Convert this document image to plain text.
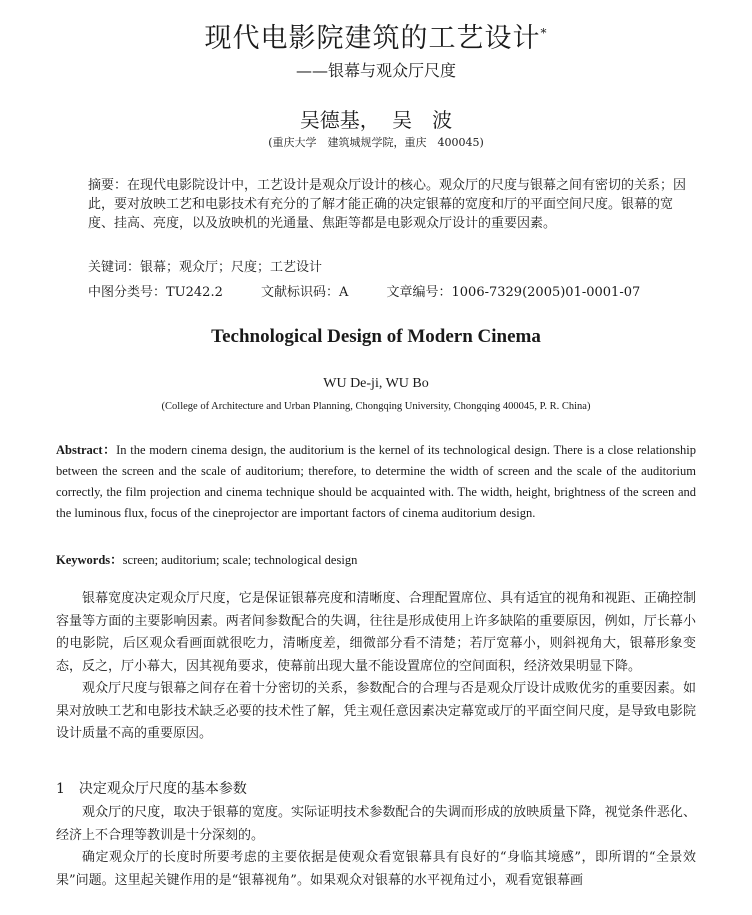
现代电影院建筑的工艺设计*
——银幕与观众厅尺度
吴德基， 吴　波
(重庆大学　建筑城规学院，重庆　400045)
摘要：在现代电影院设计中，工艺设计是观众厅设计的核心。观众厅的尺度与银幕之间有密切的关系；因此，要对放映工艺和电影技术有充分的了解才能正确的决定银幕的宽度和厅的平面空间尺度。银幕的宽度、挂高、亮度，以及放映机的光通量、焦距等都是电影观众厅设计的重要因素。
关键词：银幕；观众厅；尺度；工艺设计
中图分类号：TU242.2	文献标识码：A	文章编号：1006-7329(2005)01-0001-07
Technological Design of Modern Cinema
WU De-ji, WU Bo
(College of Architecture and Urban Planning, Chongqing University, Chongqing 400045, P. R. China)
Abstract：In the modern cinema design, the auditorium is the kernel of its technological design. There is a close relationship between the screen and the scale of auditorium; therefore, to determine the width of screen and the scale of the auditorium correctly, the film projection and cinema technique should be acquainted with. The width, height, brightness of the screen and the luminous flux, focus of the cineprojector are important factors of cinema auditorium design.
Keywords：screen; auditorium; scale; technological design

银幕宽度决定观众厅尺度，它是保证银幕亮度和清晰度、合理配置席位、具有适宜的视角和视距、正确控制容量等方面的主要影响因素。两者间参数配合的失调，往往是形成使用上许多缺陷的重要原因，例如，厅长幕小的电影院，后区观众看画面就很吃力，清晰度差，细微部分看不清楚；若厅宽幕小，则斜视角大，银幕形象变态，反之，厅小幕大，因其视角要求，使幕前出现大量不能设置席位的空间面积，经济效果明显下降。

观众厅尺度与银幕之间存在着十分密切的关系，参数配合的合理与否是观众厅设计成败优劣的重要因素。如果对放映工艺和电影技术缺乏必要的技术性了解，凭主观任意因素决定幕宽或厅的平面空间尺度，是导致电影院设计质量不高的重要原因。

1 决定观众厅尺度的基本参数

观众厅的尺度，取决于银幕的宽度。实际证明技术参数配合的失调而形成的放映质量下降，视觉条件恶化、经济上不合理等教训是十分深刻的。

确定观众厅的长度时所要考虑的主要依据是使观众看宽银幕具有良好的“身临其境感”，即所谓的“全景效果”问题。这里起关键作用的是“银幕视角”。如果观众对银幕的水平视角过小，观看宽银幕画
